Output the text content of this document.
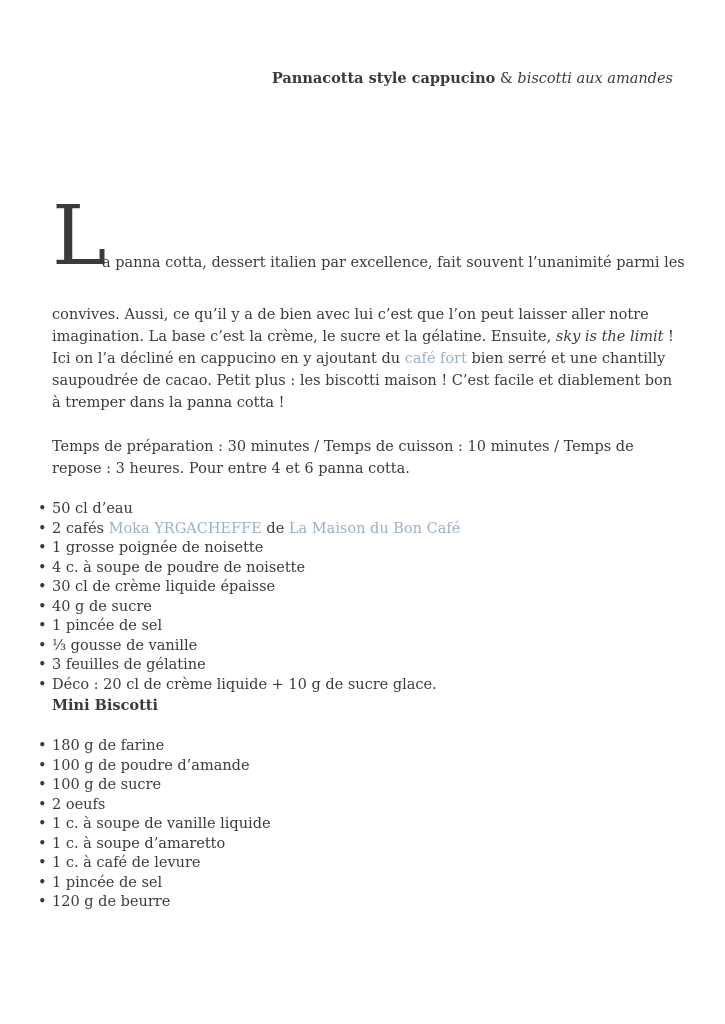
Pannacotta style cappucino & biscotti aux amandes
L
a panna cotta, dessert italien par excellence, fait souvent l’unanimité parmi les

convives. Aussi, ce qu’il y a de bien avec lui c’est que l’on peut laisser aller notre imagination. La base c’est la crème, le sucre et la gélatine. Ensuite, sky is the limit ! Ici on l’a décliné en cappucino en y ajoutant du café fort bien serré et une chantilly saupoudrée de cacao. Petit plus : les biscotti maison ! C’est facile et diablement bon à tremper dans la panna cotta !

Temps de préparation : 30 minutes / Temps de cuisson : 10 minutes / Temps de repose : 3 heures. Pour entre 4 et 6 panna cotta.

• 50 cl d’eau
• 2 cafés Moka YRGACHEFFE de La Maison du Bon Café
• 1 grosse poignée de noisette
• 4 c. à soupe de poudre de noisette
• 30 cl de crème liquide épaisse
• 40 g de sucre
• 1 pincée de sel
• ⅓ gousse de vanille
• 3 feuilles de gélatine
• Déco : 20 cl de crème liquide + 10 g de sucre glace.

Mini Biscotti

• 180 g de farine
• 100 g de poudre d’amande
• 100 g de sucre
• 2 oeufs
• 1 c. à soupe de vanille liquide
• 1 c. à soupe d’amaretto
• 1 c. à café de levure
• 1 pincée de sel
• 120 g de beurre
